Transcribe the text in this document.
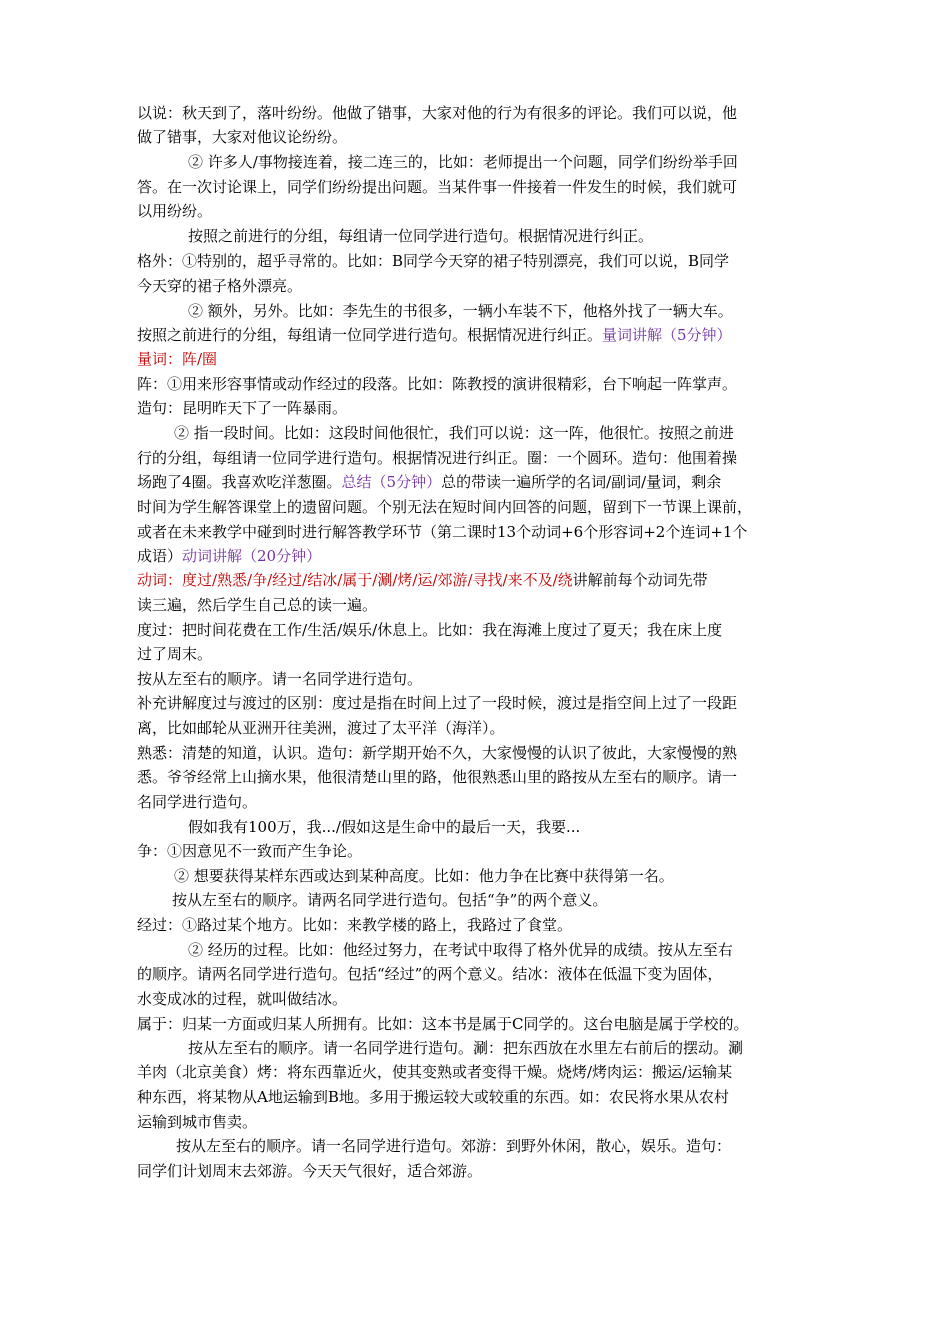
以说：秋天到了，落叶纷纷。他做了错事，大家对他的行为有很多的评论。我们可以说，他
做了错事，大家对他议论纷纷。
② 许多人/事物接连着，接二连三的，比如：老师提出一个问题，同学们纷纷举手回
答。在一次讨论课上，同学们纷纷提出问题。当某件事一件接着一件发生的时候，我们就可
以用纷纷。
按照之前进行的分组，每组请一位同学进行造句。根据情况进行纠正。
格外：①特别的，超乎寻常的。比如：B同学今天穿的裙子特别漂亮，我们可以说，B同学
今天穿的裙子格外漂亮。
② 额外，另外。比如：李先生的书很多，一辆小车装不下，他格外找了一辆大车。
按照之前进行的分组，每组请一位同学进行造句。根据情况进行纠正。量词讲解（5分钟）
量词：阵/圈
阵：①用来形容事情或动作经过的段落。比如：陈教授的演讲很精彩，台下响起一阵掌声。
造句：昆明昨天下了一阵暴雨。
② 指一段时间。比如：这段时间他很忙，我们可以说：这一阵，他很忙。按照之前进
行的分组，每组请一位同学进行造句。根据情况进行纠正。圈：一个圆环。造句：他围着操
场跑了4圈。我喜欢吃洋葱圈。总结（5分钟）总的带读一遍所学的名词/副词/量词，剩余
时间为学生解答课堂上的遗留问题。个别无法在短时间内回答的问题，留到下一节课上课前，
或者在未来教学中碰到时进行解答教学环节（第二课时13个动词+6个形容词+2个连词+1个
成语）动词讲解（20分钟）
动词：度过/熟悉/争/经过/结冰/属于/涮/烤/运/郊游/寻找/来不及/绕讲解前每个动词先带
读三遍，然后学生自己总的读一遍。
度过：把时间花费在工作/生活/娱乐/休息上。比如：我在海滩上度过了夏天；我在床上度
过了周末。
按从左至右的顺序。请一名同学进行造句。
补充讲解度过与渡过的区别：度过是指在时间上过了一段时候，渡过是指空间上过了一段距
离，比如邮轮从亚洲开往美洲，渡过了太平洋（海洋）。
熟悉：清楚的知道，认识。造句：新学期开始不久，大家慢慢的认识了彼此，大家慢慢的熟
悉。爷爷经常上山摘水果，他很清楚山里的路，他很熟悉山里的路按从左至右的顺序。请一
名同学进行造句。
假如我有100万，我.../假如这是生命中的最后一天，我要...
争：①因意见不一致而产生争论。
② 想要获得某样东西或达到某种高度。比如：他力争在比赛中获得第一名。
按从左至右的顺序。请两名同学进行造句。包括“争”的两个意义。
经过：①路过某个地方。比如：来教学楼的路上，我路过了食堂。
② 经历的过程。比如：他经过努力，在考试中取得了格外优异的成绩。按从左至右
的顺序。请两名同学进行造句。包括“经过”的两个意义。结冰：液体在低温下变为固体，
水变成冰的过程，就叫做结冰。
属于：归某一方面或归某人所拥有。比如：这本书是属于C同学的。这台电脑是属于学校的。
按从左至右的顺序。请一名同学进行造句。涮：把东西放在水里左右前后的摆动。涮
羊肉（北京美食）烤：将东西靠近火，使其变熟或者变得干燥。烧烤/烤肉运：搬运/运输某
种东西，将某物从A地运输到B地。多用于搬运较大或较重的东西。如：农民将水果从农村
运输到城市售卖。
按从左至右的顺序。请一名同学进行造句。郊游：到野外休闲，散心，娱乐。造句：
同学们计划周末去郊游。今天天气很好，适合郊游。
